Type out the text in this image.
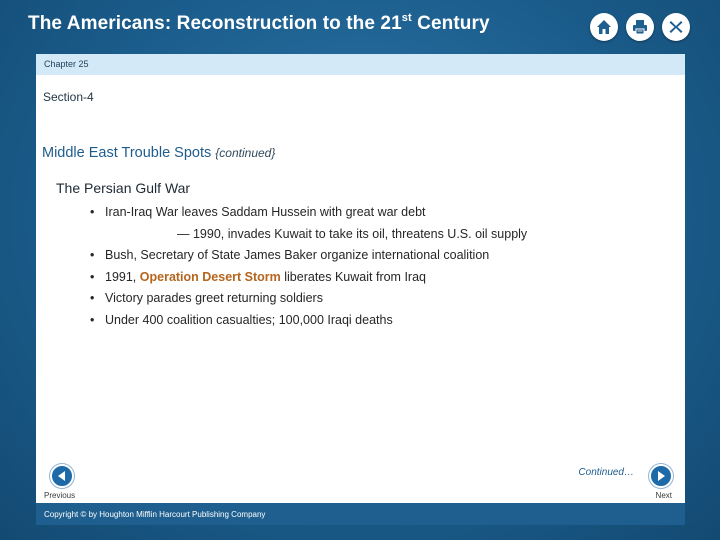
The Americans: Reconstruction to the 21st Century
Chapter 25
Section-4
Middle East Trouble Spots {continued}
The Persian Gulf War
• Iran-Iraq War leaves Saddam Hussein with great war debt
— 1990, invades Kuwait to take its oil, threatens U.S. oil supply
• Bush, Secretary of State James Baker organize international coalition
• 1991, Operation Desert Storm liberates Kuwait from Iraq
• Victory parades greet returning soldiers
• Under 400 coalition casualties; 100,000 Iraqi deaths
Continued…
Previous	Next
Copyright © by Houghton Mifflin Harcourt Publishing Company
